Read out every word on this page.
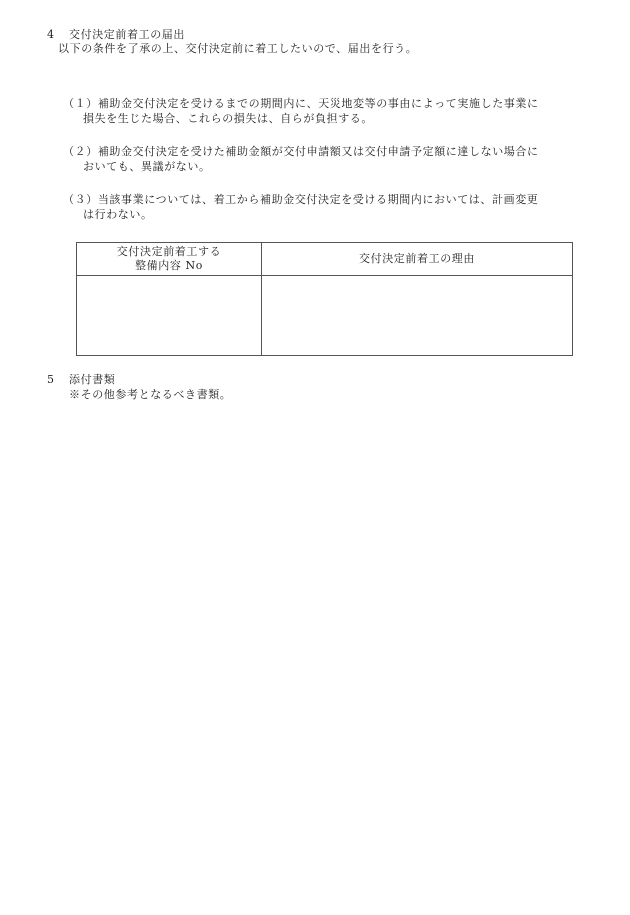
4 交付決定前着工の届出
以下の条件を了承の上、交付決定前に着工したいので、届出を行う。
（１）補助金交付決定を受けるまでの期間内に、天災地変等の事由によって実施した事業に
損失を生じた場合、これらの損失は、自らが負担する。
（２）補助金交付決定を受けた補助金額が交付申請額又は交付申請予定額に達しない場合に
おいても、異議がない。
（３）当該事業については、着工から補助金交付決定を受ける期間内においては、計画変更
は行わない。
交付決定前着工する
整備内容 No	交付決定前着工の理由

5 添付書類
※その他参考となるべき書類。
